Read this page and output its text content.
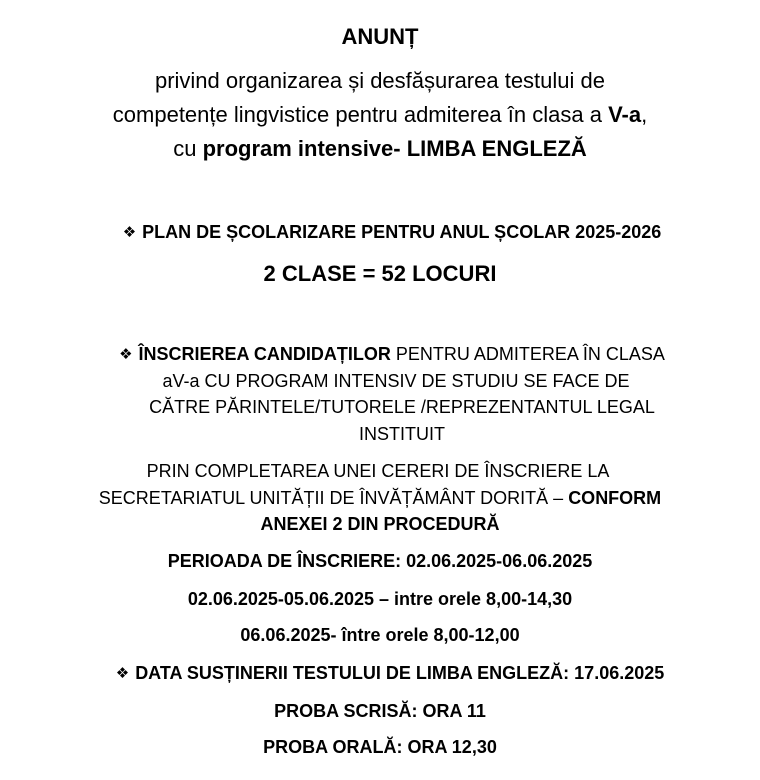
ANUNȚ
privind organizarea și desfășurarea testului de
competențe lingvistice pentru admiterea în clasa a V-a,
cu program intensive- LIMBA ENGLEZĂ
❖ PLAN DE ȘCOLARIZARE PENTRU ANUL ȘCOLAR 2025-2026
2 CLASE = 52 LOCURI
❖ ÎNSCRIEREA CANDIDAȚILOR PENTRU ADMITEREA ÎN CLASA
aV-a CU PROGRAM INTENSIV DE STUDIU SE FACE DE
CĂTRE PĂRINTELE/TUTORELE /REPREZENTANTUL LEGAL
INSTITUIT
PRIN COMPLETAREA UNEI CERERI DE ÎNSCRIERE LA
SECRETARIATUL UNITĂȚII DE ÎNVĂȚĂMÂNT DORITĂ – CONFORM
ANEXEI 2 DIN PROCEDURĂ
PERIOADA DE ÎNSCRIERE: 02.06.2025-06.06.2025
02.06.2025-05.06.2025 – intre orele 8,00-14,30
06.06.2025- între orele 8,00-12,00
❖ DATA SUSȚINERII TESTULUI DE LIMBA ENGLEZĂ: 17.06.2025
PROBA SCRISĂ: ORA 11
PROBA ORALĂ: ORA 12,30
